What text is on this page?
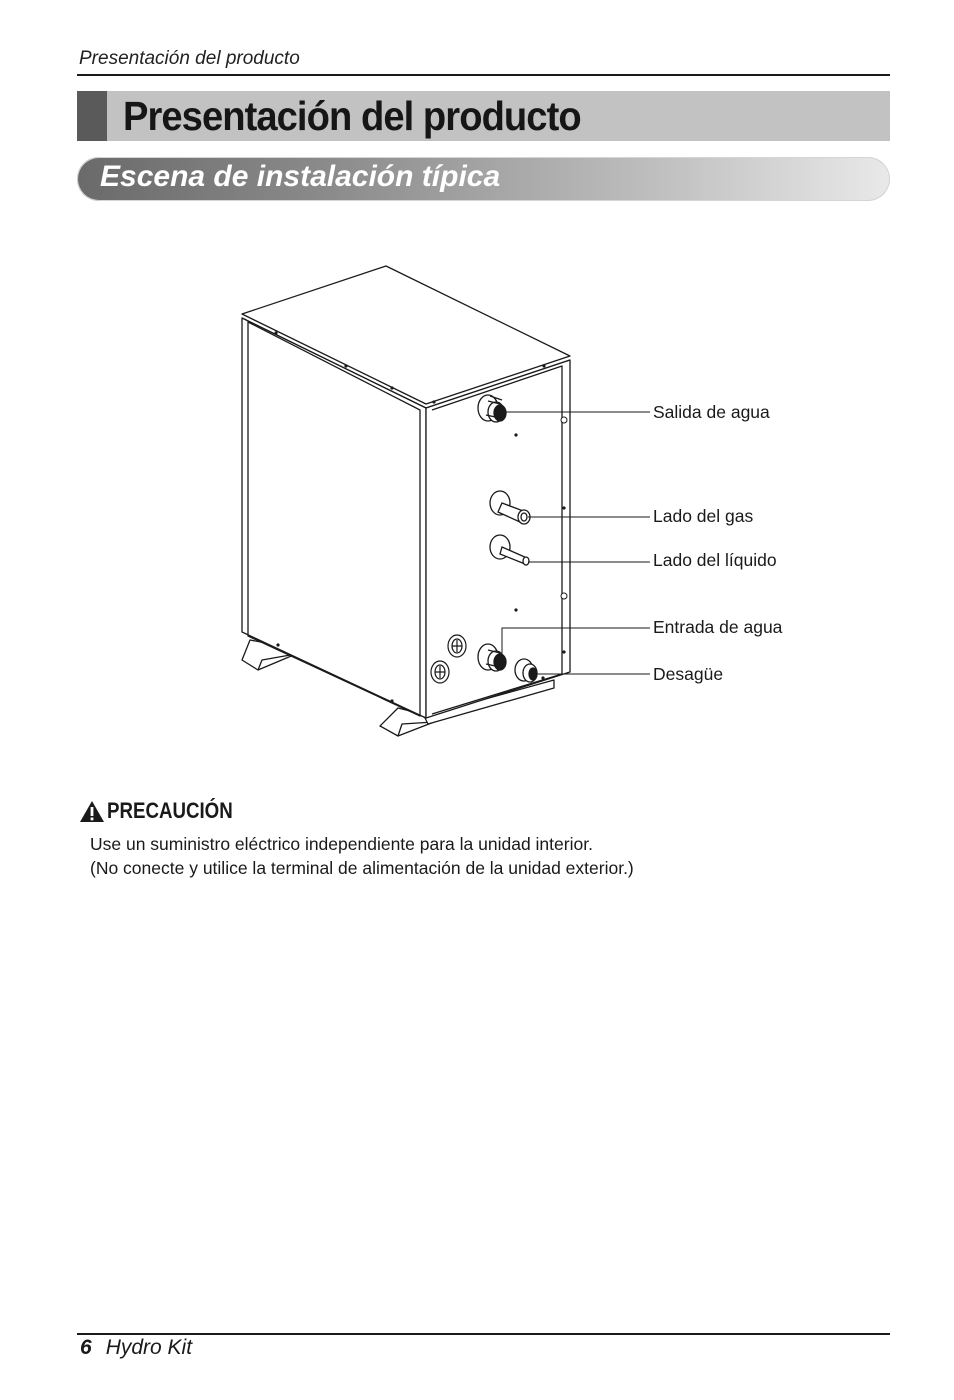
Presentación del producto
Presentación del producto
Escena de instalación típica
Salida de agua
Lado del gas
Lado del líquido
Entrada de agua
Desagüe
PRECAUCIÓN
Use un suministro eléctrico independiente para la unidad interior.
(No conecte y utilice la terminal de alimentación de la unidad exterior.)
6 Hydro Kit
